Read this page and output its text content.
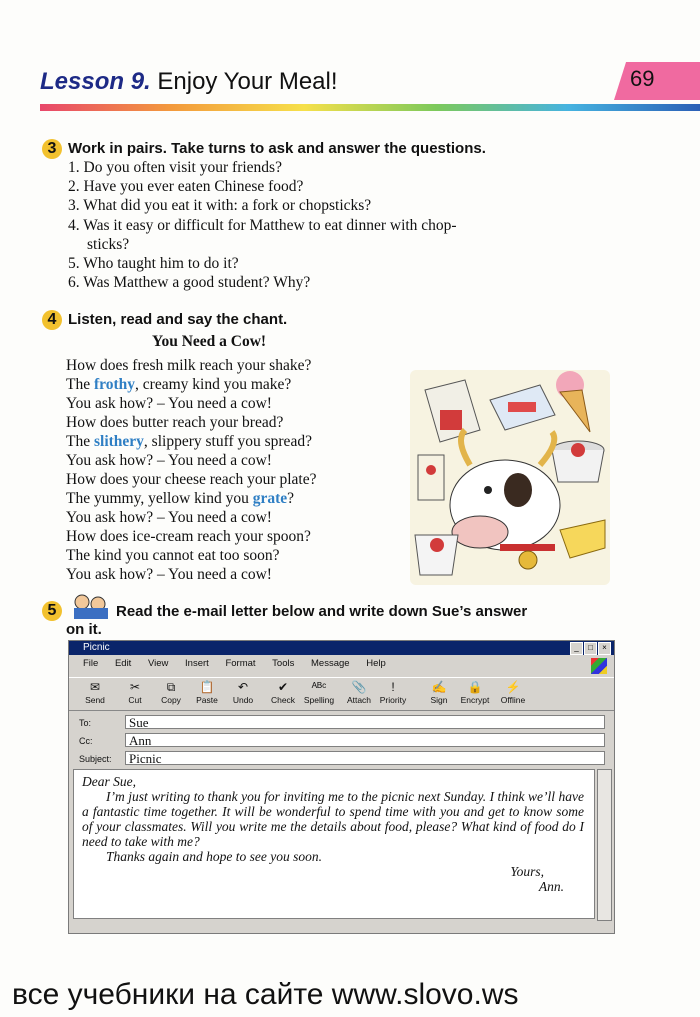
Lesson 9. Enjoy Your Meal!	69
3 Work in pairs. Take turns to ask and answer the questions.
1. Do you often visit your friends?
2. Have you ever eaten Chinese food?
3. What did you eat it with: a fork or chopsticks?
4. Was it easy or difficult for Matthew to eat dinner with chop-
sticks?
5. Who taught him to do it?
6. Was Matthew a good student? Why?
4 Listen, read and say the chant.
You Need a Cow!
How does fresh milk reach your shake?
The frothy, creamy kind you make?
You ask how? – You need a cow!
How does butter reach your bread?
The slithery, slippery stuff you spread?
You ask how? – You need a cow!
How does your cheese reach your plate?
The yummy, yellow kind you grate?
You ask how? – You need a cow!
How does ice-cream reach your spoon?
The kind you cannot eat too soon?
You ask how? – You need a cow!
5	Read the e-mail letter below and write down Sue’s answer
on it.
Picnic	_	□	×
File Edit View Insert Format Tools Message Help
✉
Send
✂
Cut
⧉
Copy
📋
Paste
↶
Undo
✔
Check
ᴬᴮᶜ
Spelling
📎
Attach
!
Priority
✍
Sign
🔒
Encrypt
⚡
Offline
To:	Sue
Cc:	Ann
Subject:	Picnic

Dear Sue,

I’m just writing to thank you for inviting me to the picnic next Sunday. I think we’ll have a fantastic time together. It will be wonderful to spend time with you and get to know some of your classmates. Will you write me the details about food, please? What kind of food do I need to take with me?

Thanks again and hope to see you soon.

Yours,

Ann.

все учебники на сайте www.slovo.ws
